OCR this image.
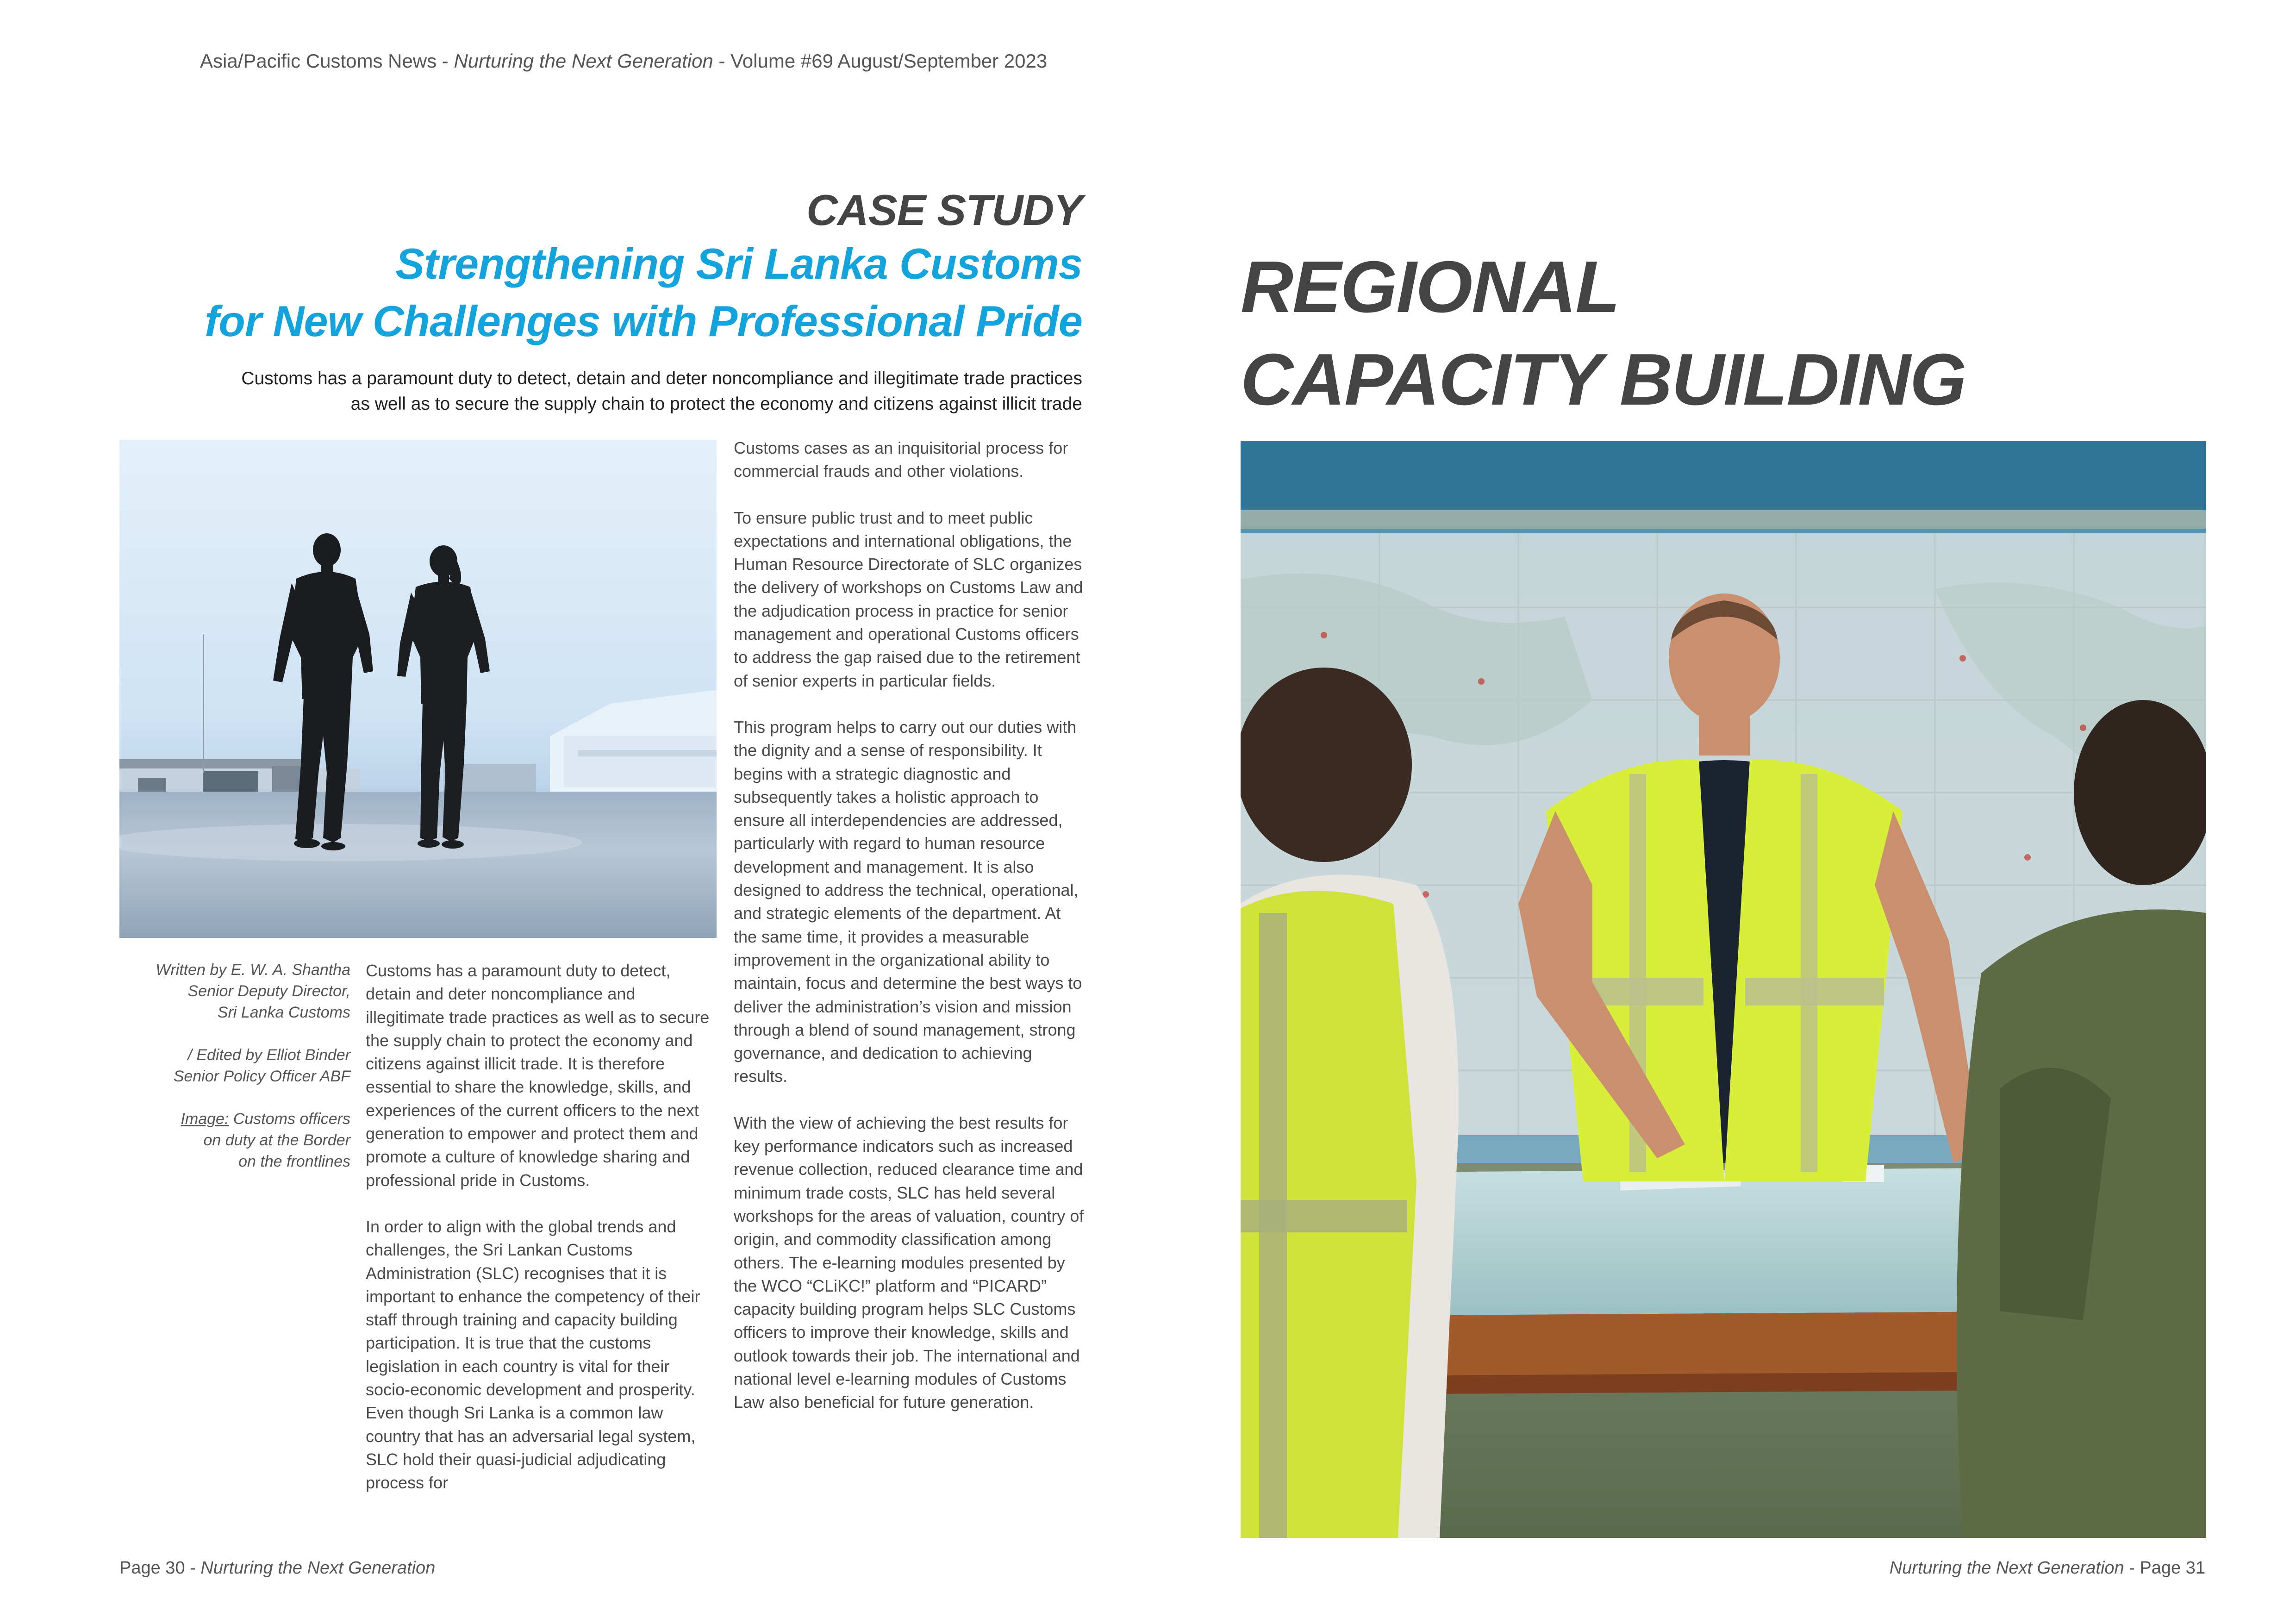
Asia/Pacific Customs News - Nurturing the Next Generation - Volume #69 August/September 2023
CASE STUDY
Strengthening Sri Lanka Customs
for New Challenges with Professional Pride
Customs has a paramount duty to detect, detain and deter noncompliance and illegitimate trade practices
as well as to secure the supply chain to protect the economy and citizens against illicit trade
REGIONAL
CAPACITY BUILDING

Written by E. W. A. Shantha
Senior Deputy Director,
Sri Lanka Customs

/ Edited by Elliot Binder
Senior Policy Officer ABF

Image: Customs officers
on duty at the Border
on the frontlines

Customs has a paramount duty to detect, detain and deter noncompliance and illegitimate trade practices as well as to secure the supply chain to protect the economy and citizens against illicit trade. It is therefore essential to share the knowledge, skills, and experiences of the current officers to the next generation to empower and protect them and promote a culture of knowledge sharing and professional pride in Customs.

In order to align with the global trends and challenges, the Sri Lankan Customs Administration (SLC) recognises that it is important to enhance the competency of their staff through training and capacity building participation. It is true that the customs legislation in each country is vital for their socio-economic development and prosperity. Even though Sri Lanka is a common law country that has an adversarial legal system, SLC hold their quasi-judicial adjudicating process for

Customs cases as an inquisitorial process for commercial frauds and other violations.

To ensure public trust and to meet public expectations and international obligations, the Human Resource Directorate of SLC organizes the delivery of workshops on Customs Law and the adjudication process in practice for senior management and operational Customs officers to address the gap raised due to the retirement of senior experts in particular fields.

This program helps to carry out our duties with the dignity and a sense of responsibility. It begins with a strategic diagnostic and subsequently takes a holistic approach to ensure all interdependencies are addressed, particularly with regard to human resource development and management. It is also designed to address the technical, operational, and strategic elements of the department. At the same time, it provides a measurable improvement in the organizational ability to maintain, focus and determine the best ways to deliver the administration’s vision and mission through a blend of sound management, strong governance, and dedication to achieving results.

With the view of achieving the best results for key performance indicators such as increased revenue collection, reduced clearance time and minimum trade costs, SLC has held several workshops for the areas of valuation, country of origin, and commodity classification among others. The e-learning modules presented by the WCO “CLiKC!” platform and “PICARD” capacity building program helps SLC Customs officers to improve their knowledge, skills and outlook towards their job. The international and national level e-learning modules of Customs Law also beneficial for future generation.

Page 30 - Nurturing the Next Generation	Nurturing the Next Generation - Page 31
